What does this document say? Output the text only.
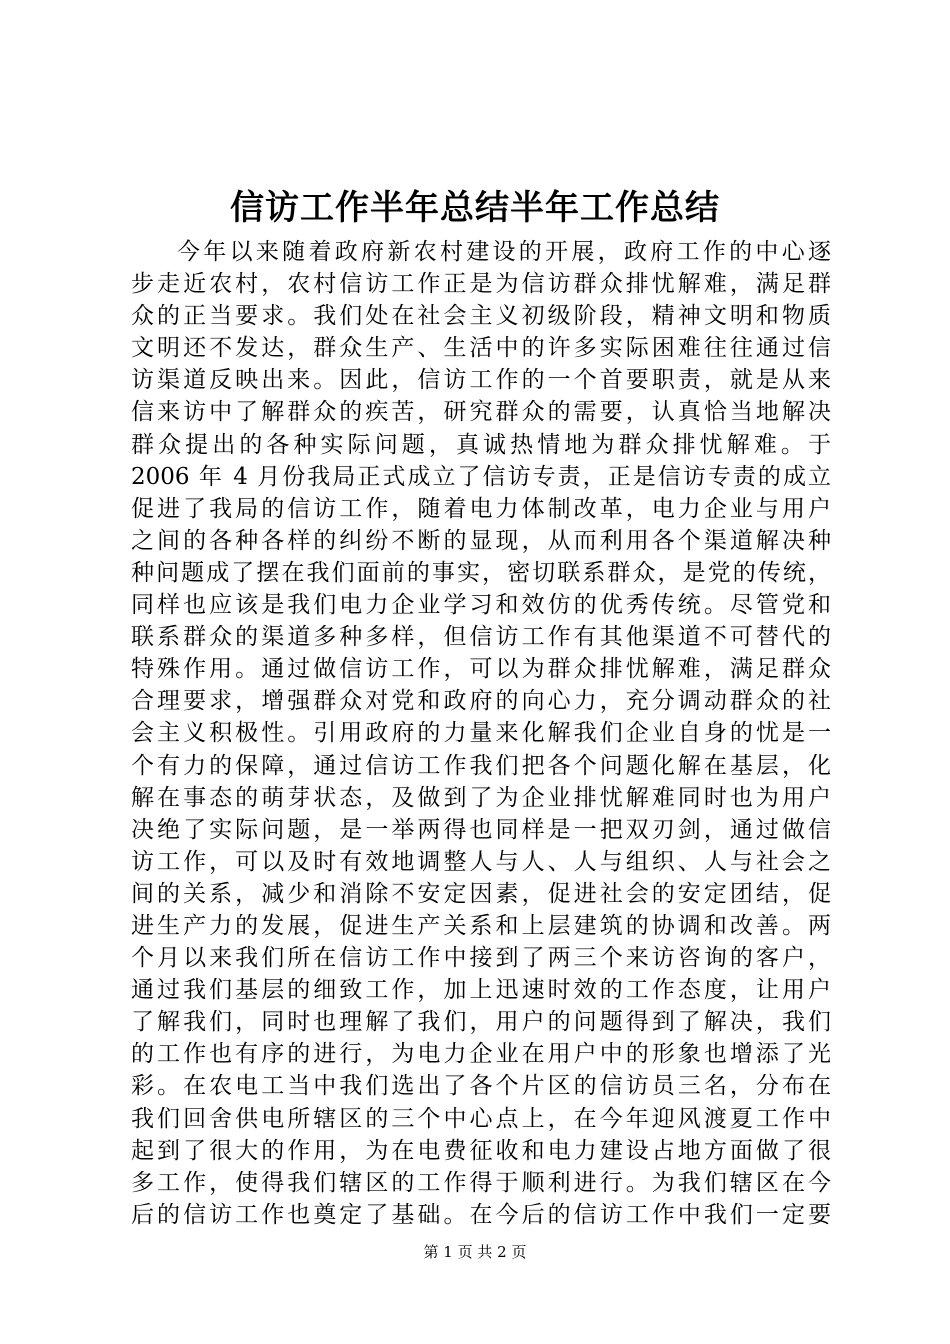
信访工作半年总结半年工作总结
今年以来随着政府新农村建设的开展，政府工作的中心逐
步走近农村，农村信访工作正是为信访群众排忧解难，满足群
众的正当要求。我们处在社会主义初级阶段，精神文明和物质
文明还不发达，群众生产、生活中的许多实际困难往往通过信
访渠道反映出来。因此，信访工作的一个首要职责，就是从来
信来访中了解群众的疾苦，研究群众的需要，认真恰当地解决
群众提出的各种实际问题，真诚热情地为群众排忧解难。于
2006 年 4 月份我局正式成立了信访专责，正是信访专责的成立
促进了我局的信访工作，随着电力体制改革，电力企业与用户
之间的各种各样的纠纷不断的显现，从而利用各个渠道解决种
种问题成了摆在我们面前的事实，密切联系群众，是党的传统，
同样也应该是我们电力企业学习和效仿的优秀传统。尽管党和
联系群众的渠道多种多样，但信访工作有其他渠道不可替代的
特殊作用。通过做信访工作，可以为群众排忧解难，满足群众
合理要求，增强群众对党和政府的向心力，充分调动群众的社
会主义积极性。引用政府的力量来化解我们企业自身的忧是一
个有力的保障，通过信访工作我们把各个问题化解在基层，化
解在事态的萌芽状态，及做到了为企业排忧解难同时也为用户
决绝了实际问题，是一举两得也同样是一把双刃剑，通过做信
访工作，可以及时有效地调整人与人、人与组织、人与社会之
间的关系，减少和消除不安定因素，促进社会的安定团结，促
进生产力的发展，促进生产关系和上层建筑的协调和改善。两
个月以来我们所在信访工作中接到了两三个来访咨询的客户，
通过我们基层的细致工作，加上迅速时效的工作态度，让用户
了解我们，同时也理解了我们，用户的问题得到了解决，我们
的工作也有序的进行，为电力企业在用户中的形象也增添了光
彩。在农电工当中我们选出了各个片区的信访员三名，分布在
我们回舍供电所辖区的三个中心点上，在今年迎风渡夏工作中
起到了很大的作用，为在电费征收和电力建设占地方面做了很
多工作，使得我们辖区的工作得于顺利进行。为我们辖区在今
后的信访工作也奠定了基础。在今后的信访工作中我们一定要
第 1 页 共 2 页
